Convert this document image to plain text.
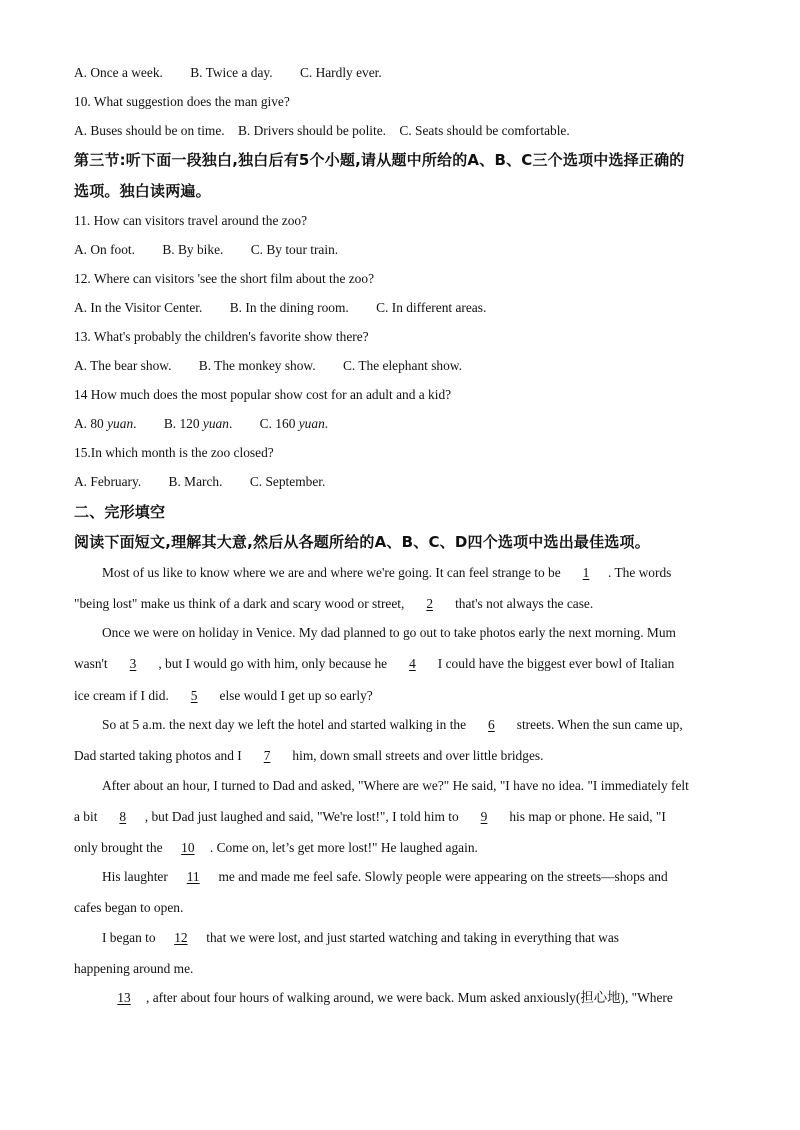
A. Once a week. B. Twice a day. C. Hardly ever.
10. What suggestion does the man give?
A. Buses should be on time. B. Drivers should be polite. C. Seats should be comfortable.
第三节:听下面一段独白,独白后有5个小题,请从题中所给的A、B、C三个选项中选择正确的
选项。独白读两遍。
11. How can visitors travel around the zoo?
A. On foot. B. By bike. C. By tour train.
12. Where can visitors 'see the short film about the zoo?
A. In the Visitor Center. B. In the dining room. C. In different areas.
13. What's probably the children's favorite show there?
A. The bear show. B. The monkey show. C. The elephant show.
14 How much does the most popular show cost for an adult and a kid?
A. 80 yuan. B. 120 yuan. C. 160 yuan.
15.In which month is the zoo closed?
A. February. B. March. C. September.
二、完形填空
阅读下面短文,理解其大意,然后从各题所给的A、B、C、D四个选项中选出最佳选项。
Most of us like to know where we are and where we're going. It can feel strange to be 1 . The words
"being lost" make us think of a dark and scary wood or street, 2 that's not always the case.
Once we were on holiday in Venice. My dad planned to go out to take photos early the next morning. Mum
wasn't 3 , but I would go with him, only because he 4 I could have the biggest ever bowl of Italian
ice cream if I did. 5 else would I get up so early?
So at 5 a.m. the next day we left the hotel and started walking in the 6 streets. When the sun came up,
Dad started taking photos and I 7 him, down small streets and over little bridges.
After about an hour, I turned to Dad and asked, "Where are we?" He said, "I have no idea. "I immediately felt
a bit 8 , but Dad just laughed and said, "We're lost!", I told him to 9 his map or phone. He said, "I
only brought the 10 . Come on, let’s get more lost!" He laughed again.
His laughter 11 me and made me feel safe. Slowly people were appearing on the streets—shops and
cafes began to open.
I began to 12 that we were lost, and just started watching and taking in everything that was
happening around me.
13 , after about four hours of walking around, we were back. Mum asked anxiously(担心地), "Where
